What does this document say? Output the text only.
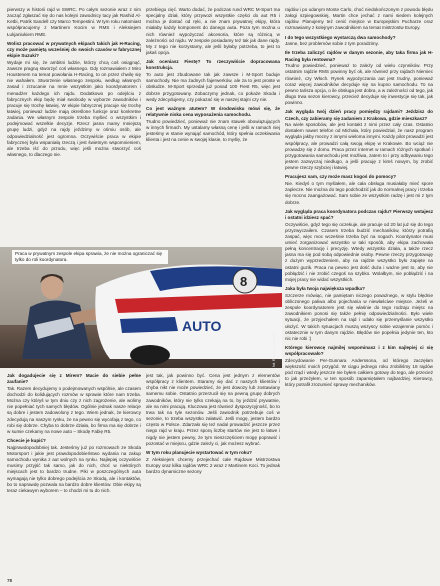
pierwszy w historii rajd w SWRC. Po całym sezonie wraz z nim zacząć zgłaszać się do nas kolejni zawodnicy tacy jak Rashid Al-Ketbi, Patrik Sandell czy Marco Tempestini. W tym roku natomiast współpracujemy z Martinem Kocim w RMS i Aleksiejem Łukjaniukiem RME.

Wolisz pracować w prywatnych ekipach takich jak H-Racing, czy może pamiętą wcześniej do swoich czasów w fabrycznej ekipie Suzuki?

Wydaje mi się, że ambitni ludzie, którzy chcą coś osiągnąć, zawsze pragną stworzyć coś własnego. Gdy rozmawiałem z Miro Houstenem na temat powołania H-Racing, to on przez chwilę się nie wahałem. Stworzenie własnego zespołu, według własnych zasad i zrzucanie na mnie wszystkim jako koordynatorem i menadżer każdego ich rajdu. Dodatkowo po odejściu z fabrycznych ekip będę miał swobodę w wyborze zawodników i pracuje się trochę łatwiej. W ekipie fabrycznej pracuje się trochę łatwiej, ponieważ ludzie mają określone funkcje oraz konkretne zadania. We własnym zespole trzeba myśleć o wszystkim i podejmować wszelkie decyzje. Rzecz jasna mamy mniejszą grupę ludzi, gdyż na rajdy jeździmy w ośmiu osób, ale odpowiedzialność jest ogromna. Oczywiście praca w ekipie fabrycznej była wspaniałą rzeczą i jest świetnym wspomnieniem, ale trzeba iść do przodu, więc jeśli można stworzyć coś własnego, to dlaczego nie.

przebiegu cięć. Warto dodać, że podczas rund WRC M-Sport ma specjalny dział, który przywozi wszystkie części do aut R5 i można je dostać od ręki, a nie znam prywatnej ekipy, która miałaby każdy komponent do danego auta. Poza tym można u nich również wypożyczać akcesoria, które są różnicą w zależności od rajdu. W zespole posiadamy też tak jak dane rajdy. My z tego nie korzystamy, ale jeśli byłaby potrzeba, to jest to jakaś opcja.

Jak oceniasz Fiestę? To rzeczywiście dopracowana konstrukcja.

To auto jest zbudowane tak jak zawsze i M-Sport buduje samochody. Nie ma żadnych fajerwerków, ale za to jest proste w obsłudze. M-Sport sprzedał już ponad 100 Fiest R5, więc jest dobrze przygotowany. Zobaczymy jednak, co pokaże Skoda i wedy zdecydujemy, czy pokazać się w naszej stajni czy nie.

Co jest ważnym atutem? W środowisku mówi się, że relatywnie niska cena wyposażenia samochodu.

Trudno powiedzieć, ponieważ nie znam stawek obowiązujących w innych firmach. My ustalamy własną cenę i jeśli w ramach niej jesteśmy w stanie wynająć samochód, który spełnia oczekiwania klienta i jest na cenie w swojej klasie, to myślę, że

rajdów i po udanym Monte Carlo, choć niedokończonym z powodu błędu załogi szpiegowskiej, Martin chce jechać z nami siedem kolejnych rajdów. Planujemy też cenić miejsce w Europejskim Pucharze oraz rozmawiamy z kolejnym zawodnikiem na temat mistrzostw Europy.

I do tego wszystkiego wystarczą dwa samochody?

Jasne, bez problemów sobie z tym poradzimy.

Ile trzeba zaliczyć rajdów w danym sezonie, aby taka firma jak H-Racing była rentowna?

Trudno powiedzieć, ponieważ to zależy od wielu czynników. Przy ostatnim rajdzie RMS powinny być ok, ale również przy rajdach Niemiec również, czy Włoch. Rynek wypożyczania aut jest trudny, ponieważ coraz więcej zawodników decyduje się na kupno samochodu. To na pewno tańsza opcja, o ile obsługa jest dobra, a w zależności od tego, jak długo trwa sezon kierowcy, przecież decyduje się inwestycje się tak, jak powinno.

Jak wygląda twój dzień pracy pomiędzy rajdami? Jeździsz do Czech, czy zabieramy się zadaniem z Krakowa, gdzie mieszkasz?

Na wiele sposobów, ale jest kontakt z nimi przez cały czas. Ostatnio dostałem nawet telefon od Michała, który powiedział, że nasz program wygląda jakby mocny z innymi wieloma innymi. Każdy pilot prowadzi jest współpracy, ale prowadzi całą swoją ekipę w Krakowie. Bo wciąż nie prowadzę się z domu. Praca przez internet w ramach różnych spotkań i przygotowania samochodu jest możliwa, zatem to i przy odbywaniu tego jestem zazwyczaj niedługo, a jeśli pracuję z kimś nowym, by zrobić pewne rzeczy szybciej i łatwiej.

Pracujesz sam, czy może masz kogoś do pomocy?

Nie. Kiedyś o tym myślałem, ale cała obsługa musiałaby mieć spore zaplecze. Nie można do tego podchodzić jak do normalnej pracy i trzeba się mocno zaangażować. Sam sobie ze wszystkim radzę i jest mi z tym dobrze.

Jak wygląda praca koordynatora podczas rajdu? Pierwszy wstajesz i ostatni idziesz spać?

Oczywiście, gdyż tego się oczekuje, ale pracuje od 20 lat już się do tego przyzwyczaiłem. Czasem trzeba budzić mechaników, którzy potrafią zaspać, więc moc wcześnie trzeba być na nogach. Koordynator musi umieć zorganizować wszystko w taki sposób, aby ekipa zachowała pełną koncentrację i precyzję. Wtedy wszystko działa, a także rzecz jasna ma się pod sobą odpowiednie osoby. Pewne rzeczy przygotowuję z dużym wyprzedzeniem, aby na rajdzie wszystko było zapięte na ostatni guzik. Praca na pewno jest dość duża i ważne jest to, aby nie pobłądzić i nie zrobić czegoś na szybko. Wolałbym, nie pobłądzić i na mojej pracy nie widać wszystkich.

Jaka była twoja największa wpadka?

Szczerze mówiąc, nie pamiętam niczego poważnego, w stylu błędnie obliczonego paliwa albo pojechania w niewłaściwe miejsce. Jeżeli w zespole koordynatorem jest się właśnie do tego rodzaju miejsc na zawodnikiem ponosi się także pełnię odpowiedzialności. Było wiele sytuacji, że przyjechałem na rajd i udało się przemyślanie wszystko ułożyć. W takich sytuacjach muszą wszyscy sobie wzajemnie pomóc i ostatecznie w tym danym rajdzie. Błędów nie popełnia jedynie ten, kto nic nie robi :)

Którego kierowcę najmilej wspominasz i z kim najlepiej ci się współpracowało?

Zdecydowanie Per-Gunnara Anderssona, od którego zaczęłam większość moich przygód. W ciągu jednego roku zrobiliśmy 18 rajdów pod rząd i wtedy jeszcze nie byłem całkiem gotowy do tego, ale przecież to jak przeżyłem, w ten sposób zapamiętałem najbardziej. Kierowcy, który potrafił zrozumieć sprawy mechaników.

AUTO
8
Praca w prywatnym zespole ekipa sprawia, że nie można ograniczać się tylko do roli koordynatora.
fot. Ryszard Stasiński

Jak dogadujecie się z Mirem? Macie do siebie pełne zaufanie?

Tak. Razem decydujemy o podejmowanych wspólnie, ale czasem dochodzi do kolidujących rozmów w sprawie które nam trzeba. Można czy któryś w tym dniu czy z nich zagrożenie, ale wolimy nie popełniać tych samych błędów. Ogólnie jednak nasze relacje są dobre i jestem zadowolony z tego. Wiem jednak, że kierowcy zdecydują na naszym rynku, że na pewno się wycofają z tego, co robi się dobrze. Chyba to dobrze działa, bo firma ma się dobrze i w sumie czekamy na nowe auto – Skodę Fabię R5.

Chcecie je kupić?

Najprawdopodobniej tak. Jesteśmy już po rozmowach ze Skoda Motorsport i jakie jest prawdopodobieństwo wydania na zakup samochodu wynika z aut wolnych na rynku. Najlepiej oczywiście musimy przyjść tak samo, jak do nich, choć w niektórych miejscach jest to bardzo trudne. Piki w poszczególnych auta wymagają nie tylko dobrego podejścia ze Skodą, ale i kontaktów, bo to naprawdę pozwala na bardzo dobre klientów. Obie ekipy są teraz ciekawym wyborem – to chodzi mi tu do nich.

jest tak, jak powinno być. Cena jest jednym z elementów współpracy z klientem. Staramy się dać z naszych klientów i chyba nikt nie może powiedzieć, że jest dowozy lub zostawiany samemu sobie. Ostatnio przerzucił się na pewną grupę dobrych zawodników, który nie tylko czekają na to, by jeździć prywatnie, ale na nimi pracują. Kluczowa jest również dyspozycyjność, bo to trwa tak na tyle sezonów. Jeśli zawodnik potrzebuje coś w sezonie, to trzeba wszystko załatwić. Jeśli mogę, jestem bardzo często w Polsce. Zdarzało się też nadal prowadzić jeszcze przez niego rajd w kraju. Przez sporą liczbę startów nie jest to łatwe i nigdy nie jestem pewny, że tym nieszczęściem mogę poprawić i pozostać w miejscu, gdzie zależy ci, jak możesz wybrać.

W tym roku planujecie wystartować w tym roku?

Z Aleksiejem chcemy przejechać całe Rajdowe Mistrzostwa Europy oraz kilka rajdów WRC 2 wraz z Martinem Koci. To jednak bardzo dynamiczne sezony

78
